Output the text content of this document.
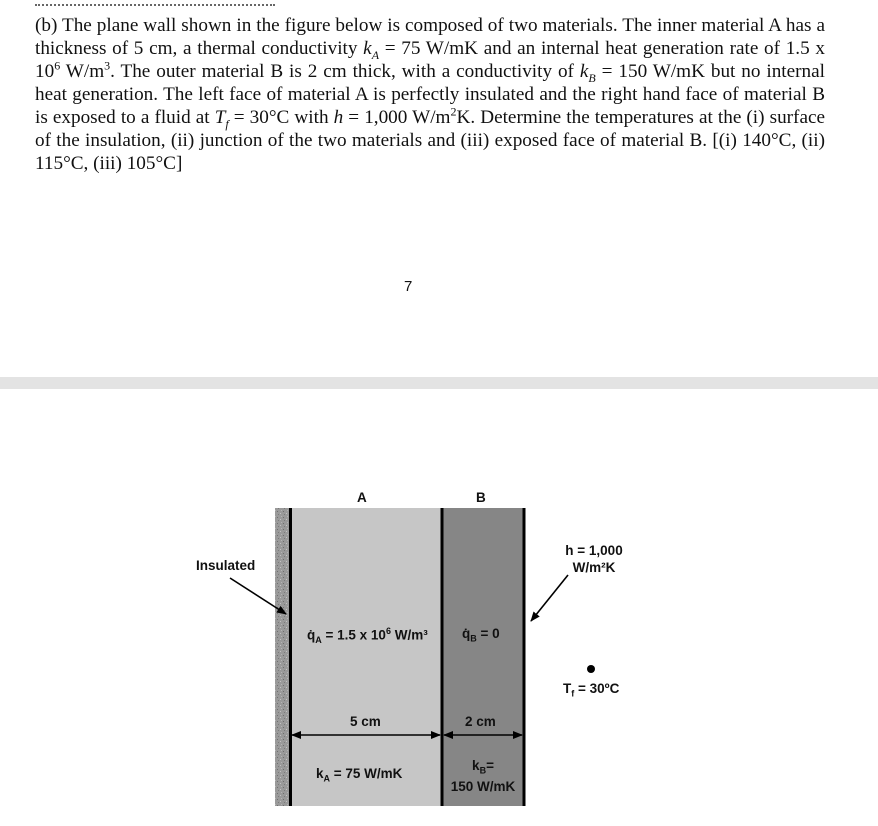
(b) The plane wall shown in the figure below is composed of two materials. The inner material A has a thickness of 5 cm, a thermal conductivity $k_A = 75$ W/mK and an internal heat generation rate of 1.5 x $10^6$ $W/m^3$. The outer material B is 2 cm thick, with a conductivity of $k_B = 150$ W/mK but no internal heat generation. The left face of material A is perfectly insulated and the right hand face of material B is exposed to a fluid at $T_f = 30^\circ C$ with h = 1,000 $W/m^2K$. Determine the temperatures at the (i) surface of the insulation, (ii) junction of the two materials and (iii) exposed face of material B. [(i) 140°C, (ii) 115°C, (iii) 105°C]
7
A	B
Insulated
$q̇_A = 1.5$ x $10^6$ W/m³	$q̇_B = 0$
5 cm	2 cm
$k_A = 75$ W/mK
$k_B=$
150 W/mK
h = 1,000
W/m²K
$T_f$ = 30ºC
